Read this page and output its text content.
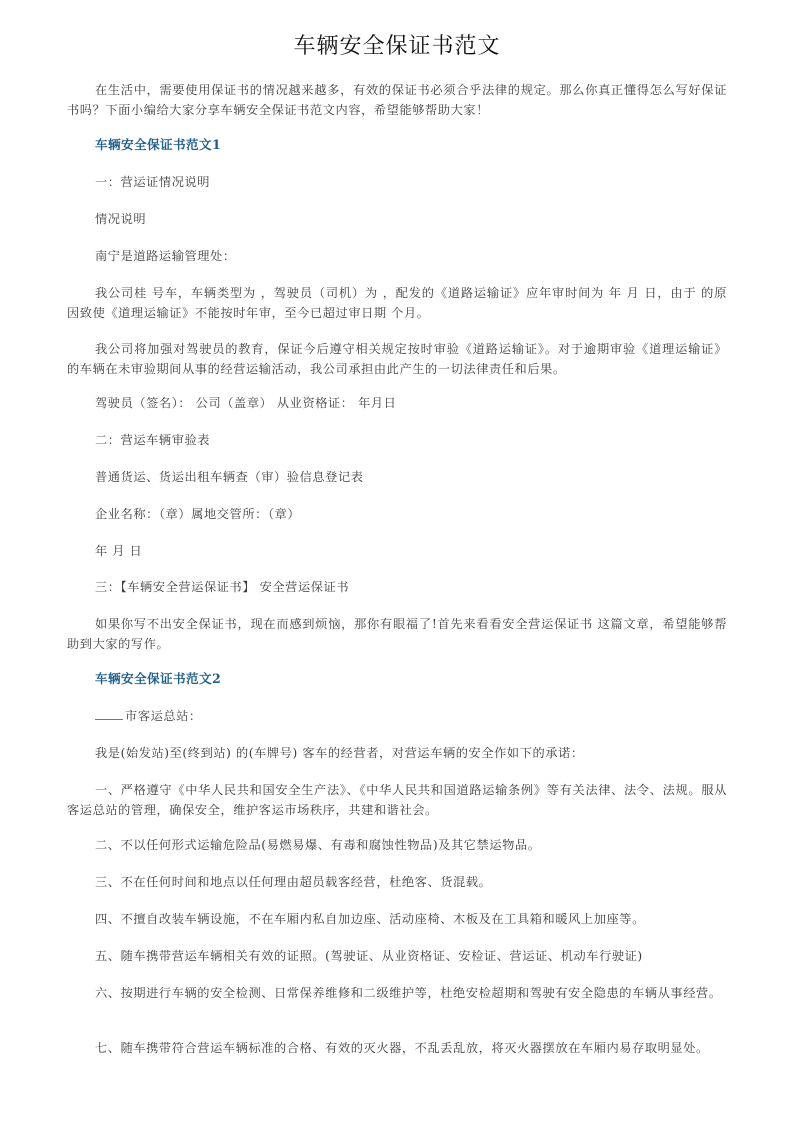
车辆安全保证书范文
在生活中，需要使用保证书的情况越来越多，有效的保证书必须合乎法律的规定。那么你真正懂得怎么写好保证书吗？下面小编给大家分享车辆安全保证书范文内容，希望能够帮助大家！
车辆安全保证书范文1
一：营运证情况说明
情况说明
南宁是道路运输管理处：
我公司桂 号车，车辆类型为 ，驾驶员（司机）为 ，配发的《道路运输证》应年审时间为 年 月 日，由于 的原因致使《道理运输证》不能按时年审，至今已超过审日期 个月。
我公司将加强对驾驶员的教育，保证今后遵守相关规定按时审验《道路运输证》。对于逾期审验《道理运输证》的车辆在未审验期间从事的经营运输活动，我公司承担由此产生的一切法律责任和后果。
驾驶员（签名）： 公司（盖章） 从业资格证： 年月日
二：营运车辆审验表
普通货运、货运出租车辆查（审）验信息登记表
企业名称：（章）属地交管所：（章）
年 月 日
三：【车辆安全营运保证书】 安全营运保证书
如果你写不出安全保证书，现在而感到烦恼，那你有眼福了!首先来看看安全营运保证书 这篇文章，希望能够帮助到大家的写作。
车辆安全保证书范文2
市客运总站：
我是(始发站)至(终到站) 的(车牌号) 客车的经营者，对营运车辆的安全作如下的承诺：
一、严格遵守《中华人民共和国安全生产法》、《中华人民共和国道路运输条例》等有关法律、法令、法规。服从客运总站的管理，确保安全，维护客运市场秩序，共建和谐社会。
二、不以任何形式运输危险品(易燃易爆、有毒和腐蚀性物品)及其它禁运物品。
三、不在任何时间和地点以任何理由超员载客经营，杜绝客、货混载。
四、不擅自改装车辆设施，不在车厢内私自加边座、活动座椅、木板及在工具箱和暖风上加座等。
五、随车携带营运车辆相关有效的证照。(驾驶证、从业资格证、安检证、营运证、机动车行驶证)
六、按期进行车辆的安全检测、日常保养维修和二级维护等，杜绝安检超期和驾驶有安全隐患的车辆从事经营。
七、随车携带符合营运车辆标准的合格、有效的灭火器，不乱丢乱放，将灭火器摆放在车厢内易存取明显处。
